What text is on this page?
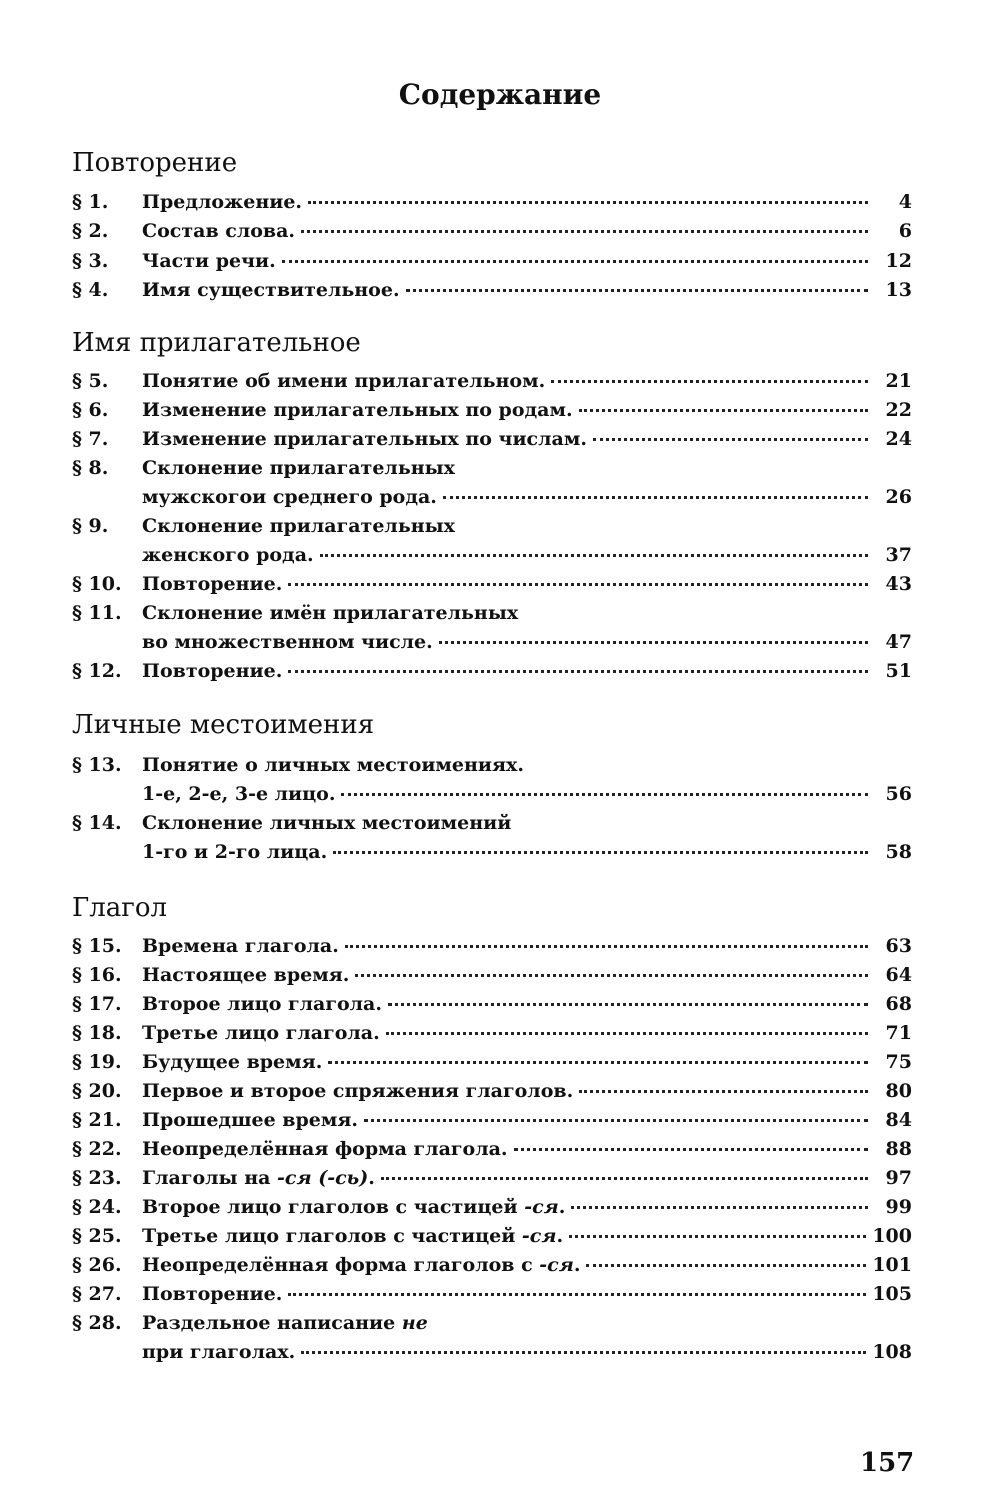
Содержание
Повторение
§ 1.	Предложение.	4
§ 2.	Состав слова.	6
§ 3.	Части речи.	12
§ 4.	Имя существительное.	13
Имя прилагательное
§ 5.	Понятие об имени прилагательном.	21
§ 6.	Изменение прилагательных по родам.	22
§ 7.	Изменение прилагательных по числам.	24
§ 8.	Склонение прилагательных
мужскогои среднего рода.	26
§ 9.	Склонение прилагательных
женского рода.	37
§ 10.	Повторение.	43
§ 11.	Склонение имён прилагательных
во множественном числе.	47
§ 12.	Повторение.	51
Личные местоимения
§ 13.	Понятие о личных местоимениях.
1-е, 2-е, 3-е лицо.	56
§ 14.	Склонение личных местоимений
1-го и 2-го лица.	58
Глагол
§ 15.	Времена глагола.	63
§ 16.	Настоящее время.	64
§ 17.	Второе лицо глагола.	68
§ 18.	Третье лицо глагола.	71
§ 19.	Будущее время.	75
§ 20.	Первое и второе спряжения глаголов.	80
§ 21.	Прошедшее время.	84
§ 22.	Неопределённая форма глагола.	88
§ 23.	Глаголы на -ся (-сь).	97
§ 24.	Второе лицо глаголов с частицей -ся.	99
§ 25.	Третье лицо глаголов с частицей -ся.	100
§ 26.	Неопределённая форма глаголов с -ся.	101
§ 27.	Повторение.	105
§ 28.	Раздельное написание не
при глаголах.	108
157
